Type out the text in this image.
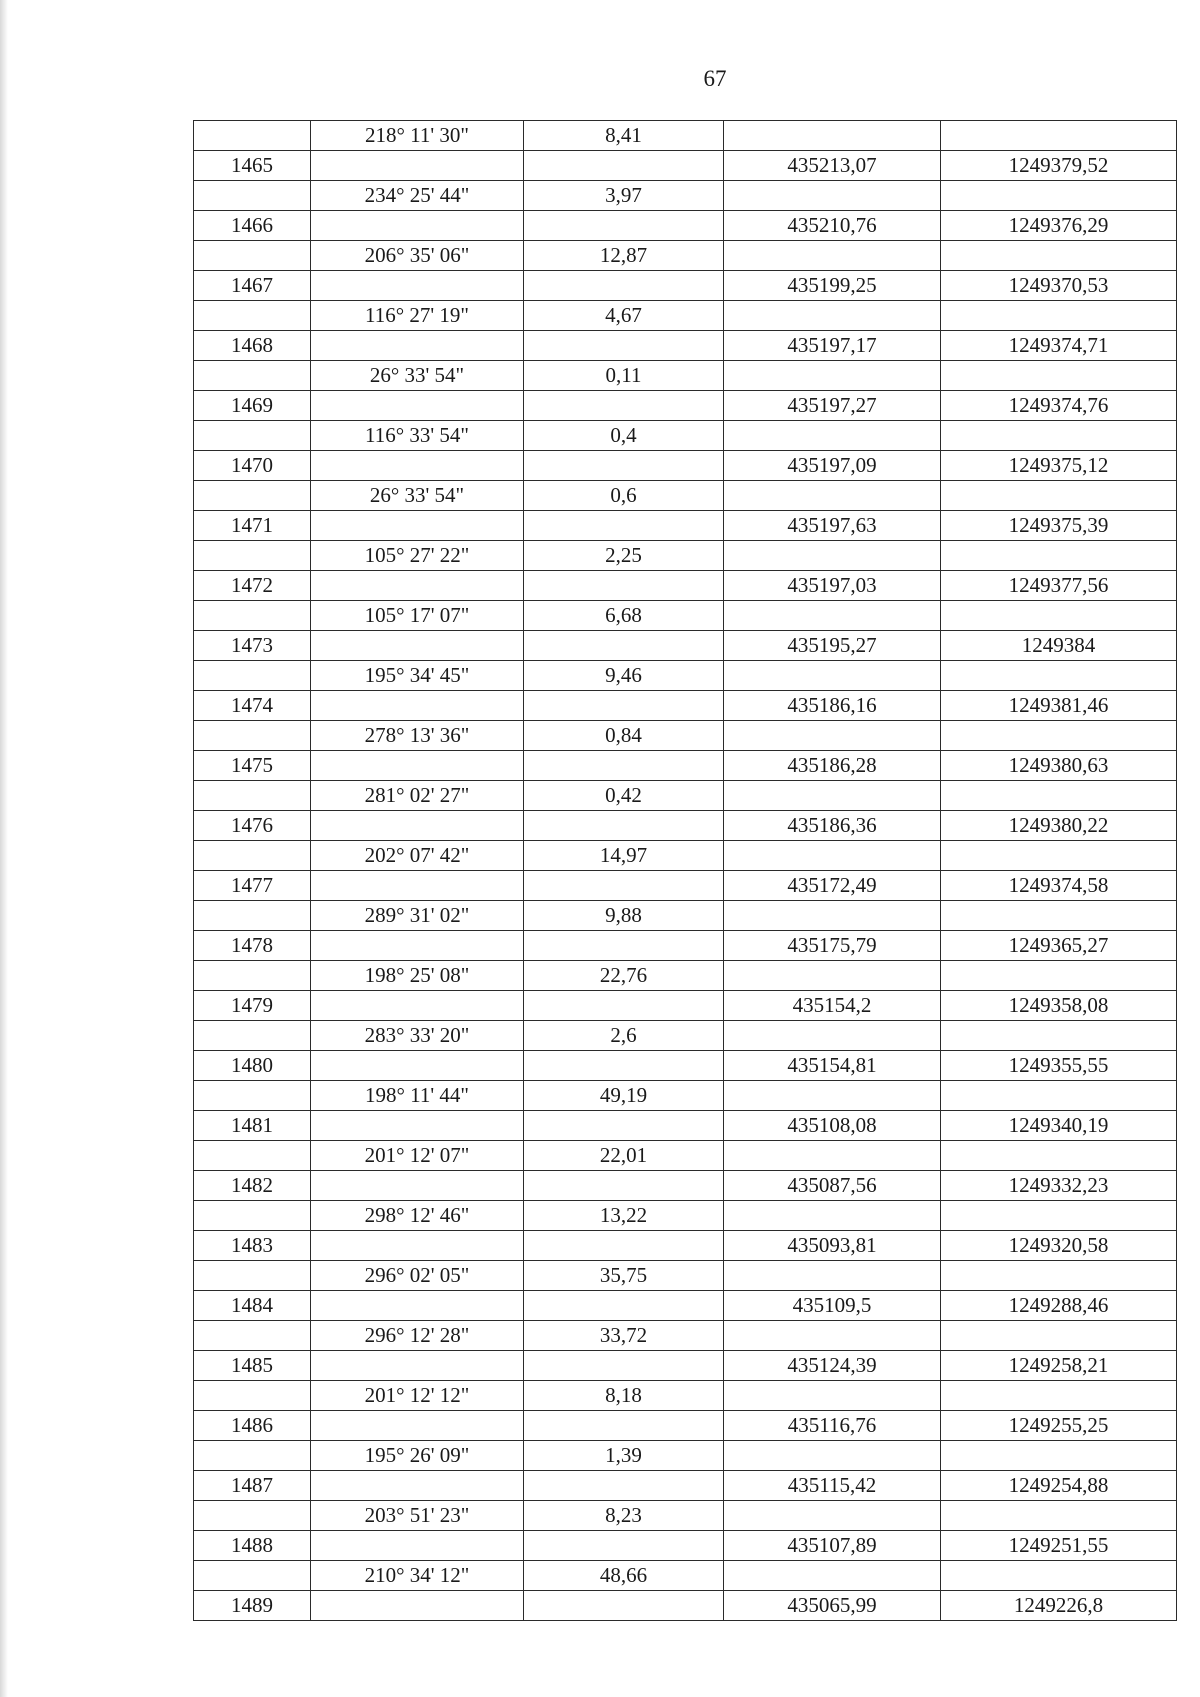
67
	218° 11' 30"	8,41		
1465			435213,07	1249379,52
	234° 25' 44"	3,97		
1466			435210,76	1249376,29
	206° 35' 06"	12,87		
1467			435199,25	1249370,53
	116° 27' 19"	4,67		
1468			435197,17	1249374,71
	26° 33' 54"	0,11		
1469			435197,27	1249374,76
	116° 33' 54"	0,4		
1470			435197,09	1249375,12
	26° 33' 54"	0,6		
1471			435197,63	1249375,39
	105° 27' 22"	2,25		
1472			435197,03	1249377,56
	105° 17' 07"	6,68		
1473			435195,27	1249384
	195° 34' 45"	9,46		
1474			435186,16	1249381,46
	278° 13' 36"	0,84		
1475			435186,28	1249380,63
	281° 02' 27"	0,42		
1476			435186,36	1249380,22
	202° 07' 42"	14,97		
1477			435172,49	1249374,58
	289° 31' 02"	9,88		
1478			435175,79	1249365,27
	198° 25' 08"	22,76		
1479			435154,2	1249358,08
	283° 33' 20"	2,6		
1480			435154,81	1249355,55
	198° 11' 44"	49,19		
1481			435108,08	1249340,19
	201° 12' 07"	22,01		
1482			435087,56	1249332,23
	298° 12' 46"	13,22		
1483			435093,81	1249320,58
	296° 02' 05"	35,75		
1484			435109,5	1249288,46
	296° 12' 28"	33,72		
1485			435124,39	1249258,21
	201° 12' 12"	8,18		
1486			435116,76	1249255,25
	195° 26' 09"	1,39		
1487			435115,42	1249254,88
	203° 51' 23"	8,23		
1488			435107,89	1249251,55
	210° 34' 12"	48,66		
1489			435065,99	1249226,8
